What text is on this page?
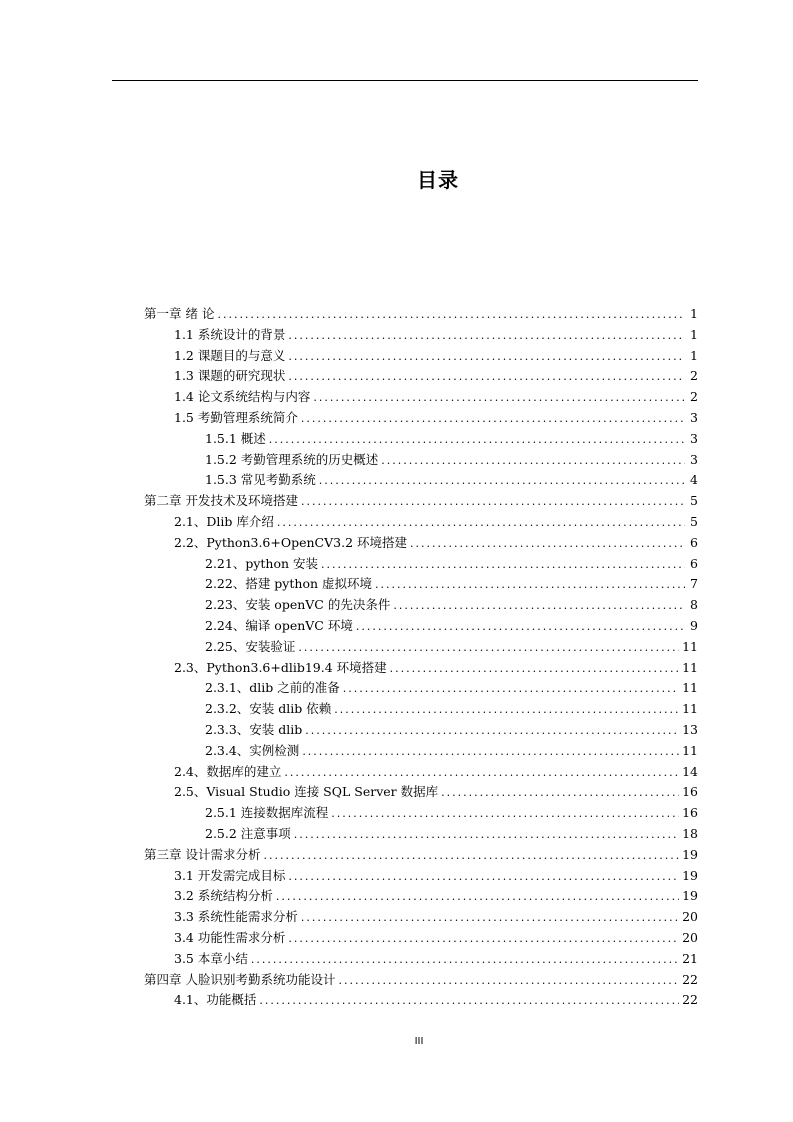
目录
第一章 绪 论 .....	1
1.1 系统设计的背景 .....	1
1.2 课题目的与意义 .....	1
1.3 课题的研究现状 .....	2
1.4 论文系统结构与内容 .....	2
1.5 考勤管理系统简介 .....	3
1.5.1 概述 .....	3
1.5.2 考勤管理系统的历史概述 .....	3
1.5.3 常见考勤系统 .....	4
第二章 开发技术及环境搭建 .....	5
2.1、Dlib 库介绍 .....	5
2.2、Python3.6+OpenCV3.2 环境搭建 .....	6
2.21、python 安装 .....	6
2.22、搭建 python 虚拟环境 .....	7
2.23、安装 openVC 的先决条件 .....	8
2.24、编译 openVC 环境 .....	9
2.25、安装验证 .....	11
2.3、Python3.6+dlib19.4 环境搭建 .....	11
2.3.1、dlib 之前的准备 .....	11
2.3.2、安装 dlib 依赖 .....	11
2.3.3、安装 dlib .....	13
2.3.4、实例检测 .....	11
2.4、数据库的建立 .....	14
2.5、Visual Studio 连接 SQL Server 数据库 .....	16
2.5.1 连接数据库流程 .....	16
2.5.2 注意事项 .....	18
第三章 设计需求分析 .....	19
3.1 开发需完成目标 .....	19
3.2 系统结构分析 .....	19
3.3 系统性能需求分析 .....	20
3.4 功能性需求分析 .....	20
3.5 本章小结 .....	21
第四章 人脸识别考勤系统功能设计 .....	22
4.1、功能概括 .....	22
III
